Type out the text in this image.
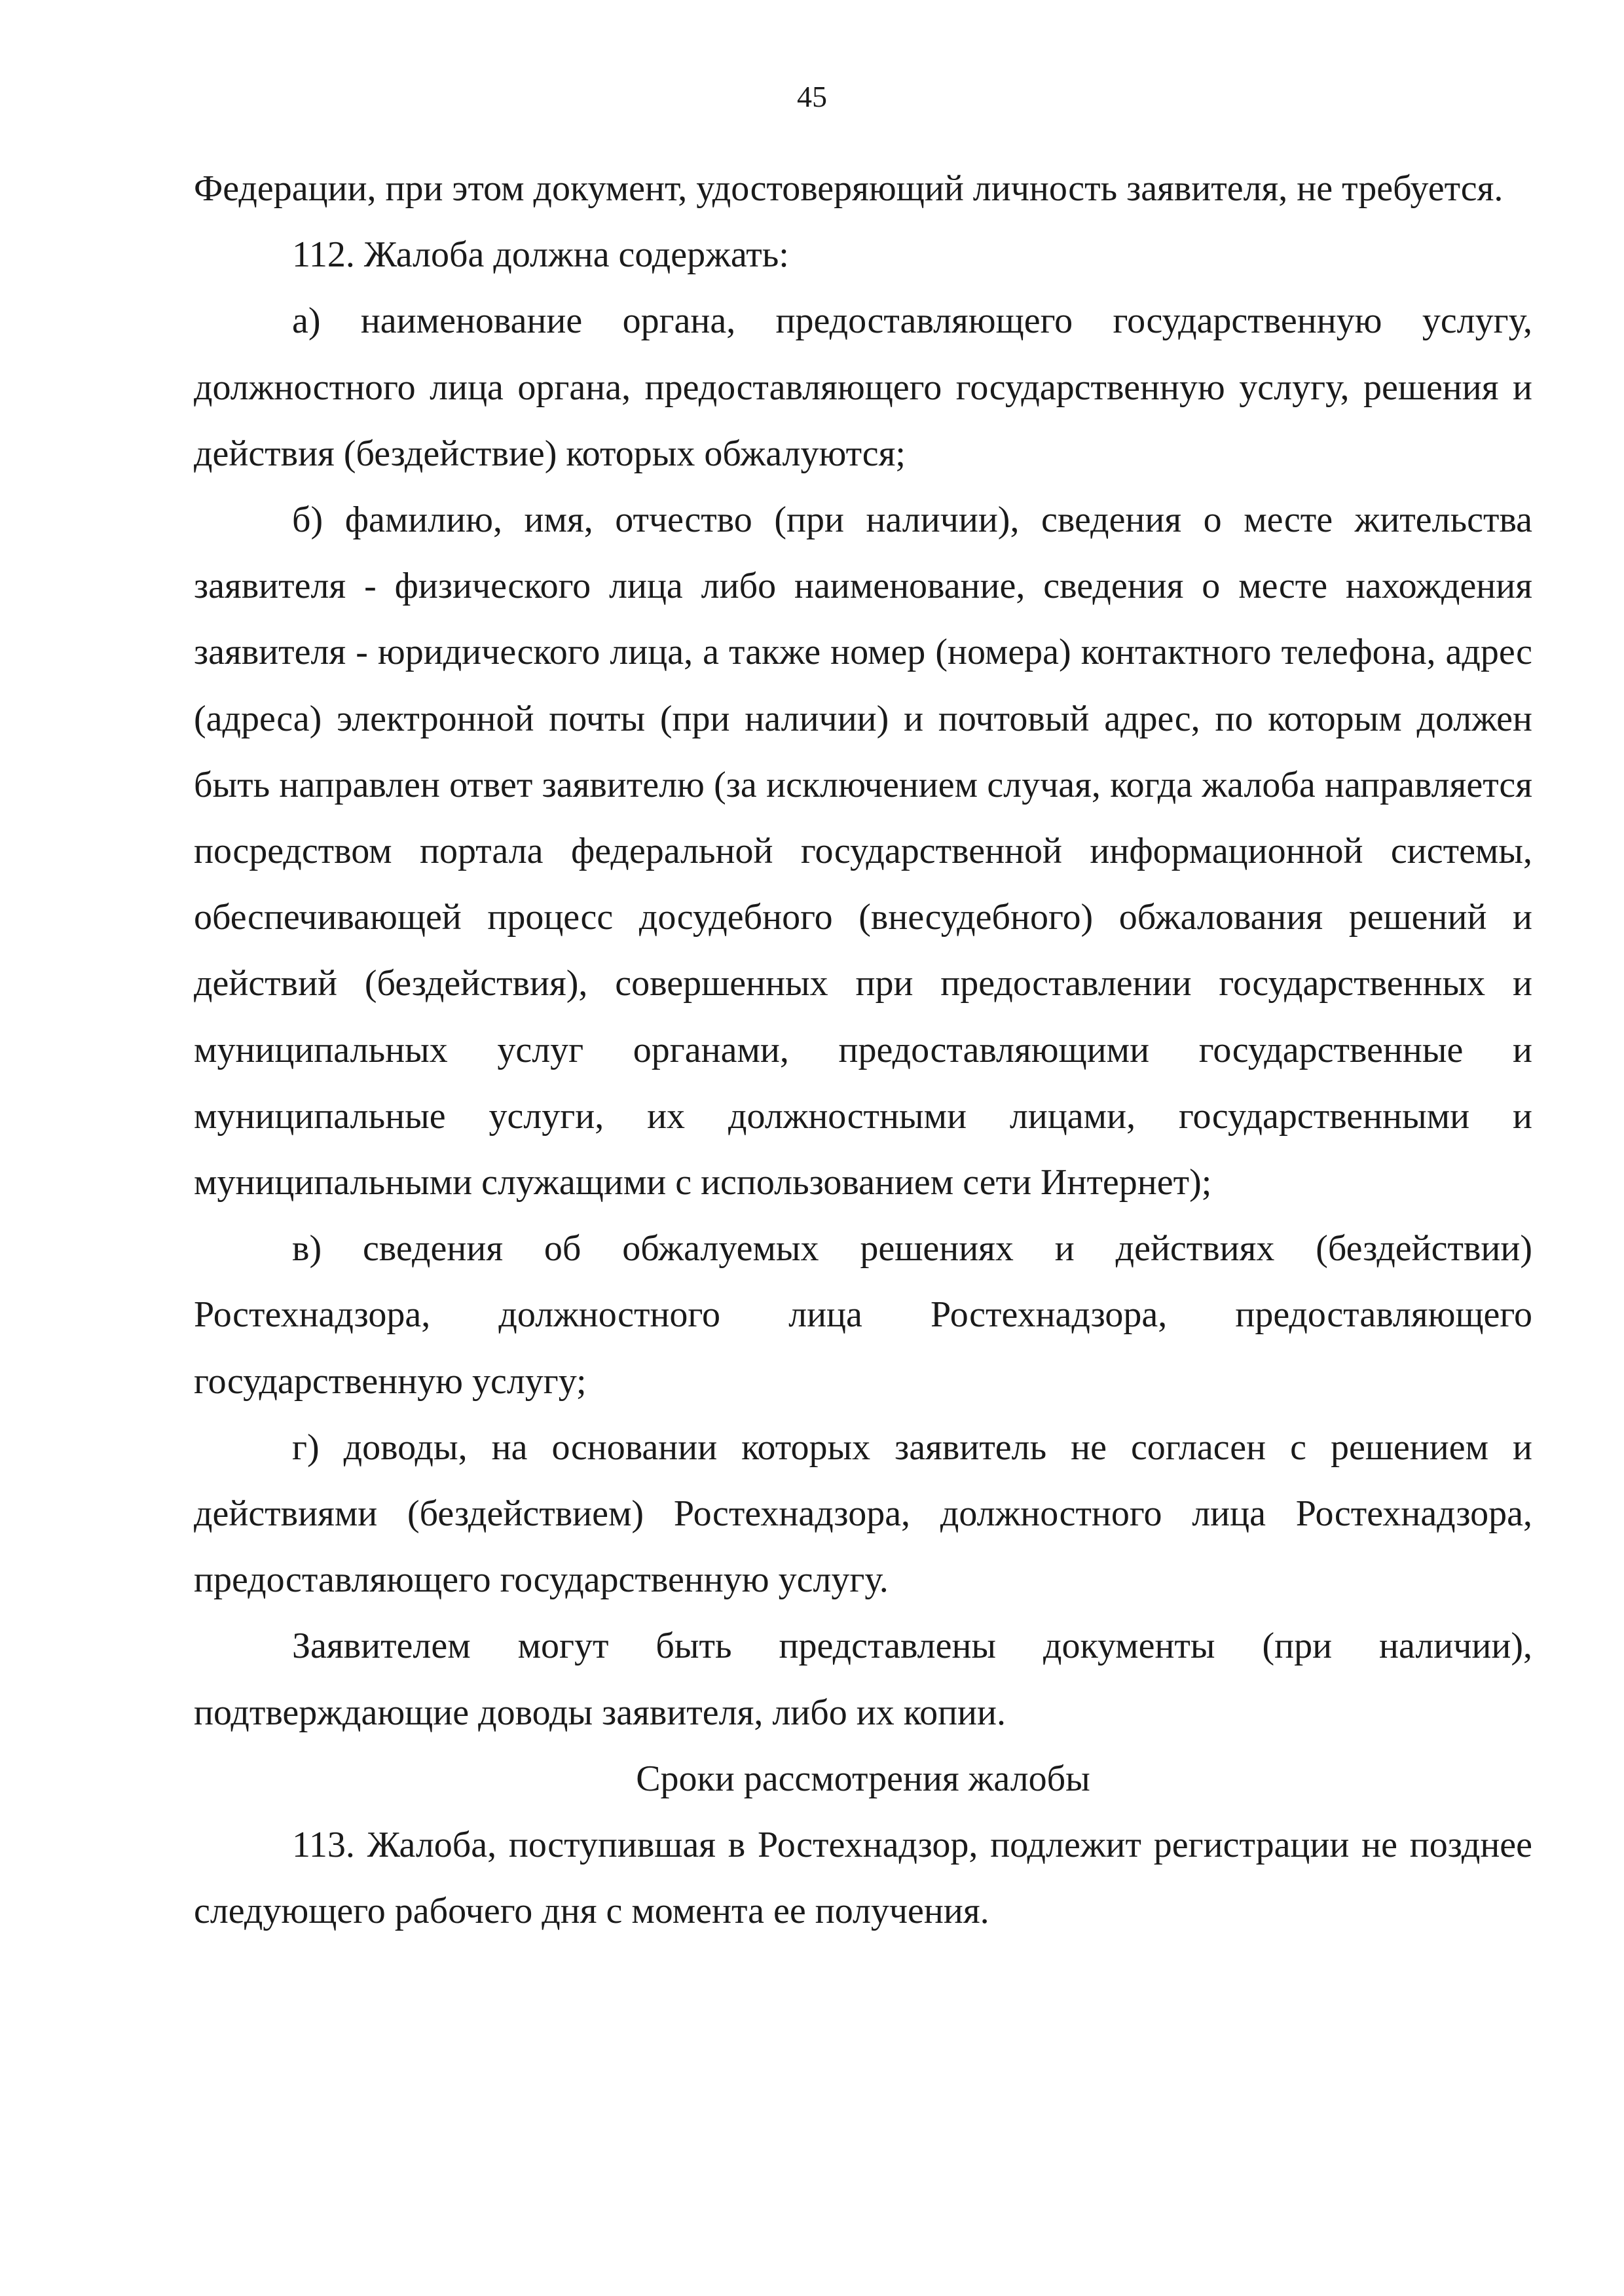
45

Федерации, при этом документ, удостоверяющий личность заявителя, не требуется.

112. Жалоба должна содержать:

а) наименование органа, предоставляющего государственную услугу, должностного лица органа, предоставляющего государственную услугу, решения и действия (бездействие) которых обжалуются;

б) фамилию, имя, отчество (при наличии), сведения о месте жительства заявителя - физического лица либо наименование, сведения о месте нахождения заявителя - юридического лица, а также номер (номера) контактного телефона, адрес (адреса) электронной почты (при наличии) и почтовый адрес, по которым должен быть направлен ответ заявителю (за исключением случая, когда жалоба направляется посредством портала федеральной государственной информационной системы, обеспечивающей процесс досудебного (внесудебного) обжалования решений и действий (бездействия), совершенных при предоставлении государственных и муниципальных услуг органами, предоставляющими государственные и муниципальные услуги, их должностными лицами, государственными и муниципальными служащими с использованием сети Интернет);

в) сведения об обжалуемых решениях и действиях (бездействии) Ростехнадзора, должностного лица Ростехнадзора, предоставляющего государственную услугу;

г) доводы, на основании которых заявитель не согласен с решением и действиями (бездействием) Ростехнадзора, должностного лица Ростехнадзора, предоставляющего государственную услугу.

Заявителем могут быть представлены документы (при наличии), подтверждающие доводы заявителя, либо их копии.

Сроки рассмотрения жалобы

113. Жалоба, поступившая в Ростехнадзор, подлежит регистрации не позднее следующего рабочего дня с момента ее получения.
